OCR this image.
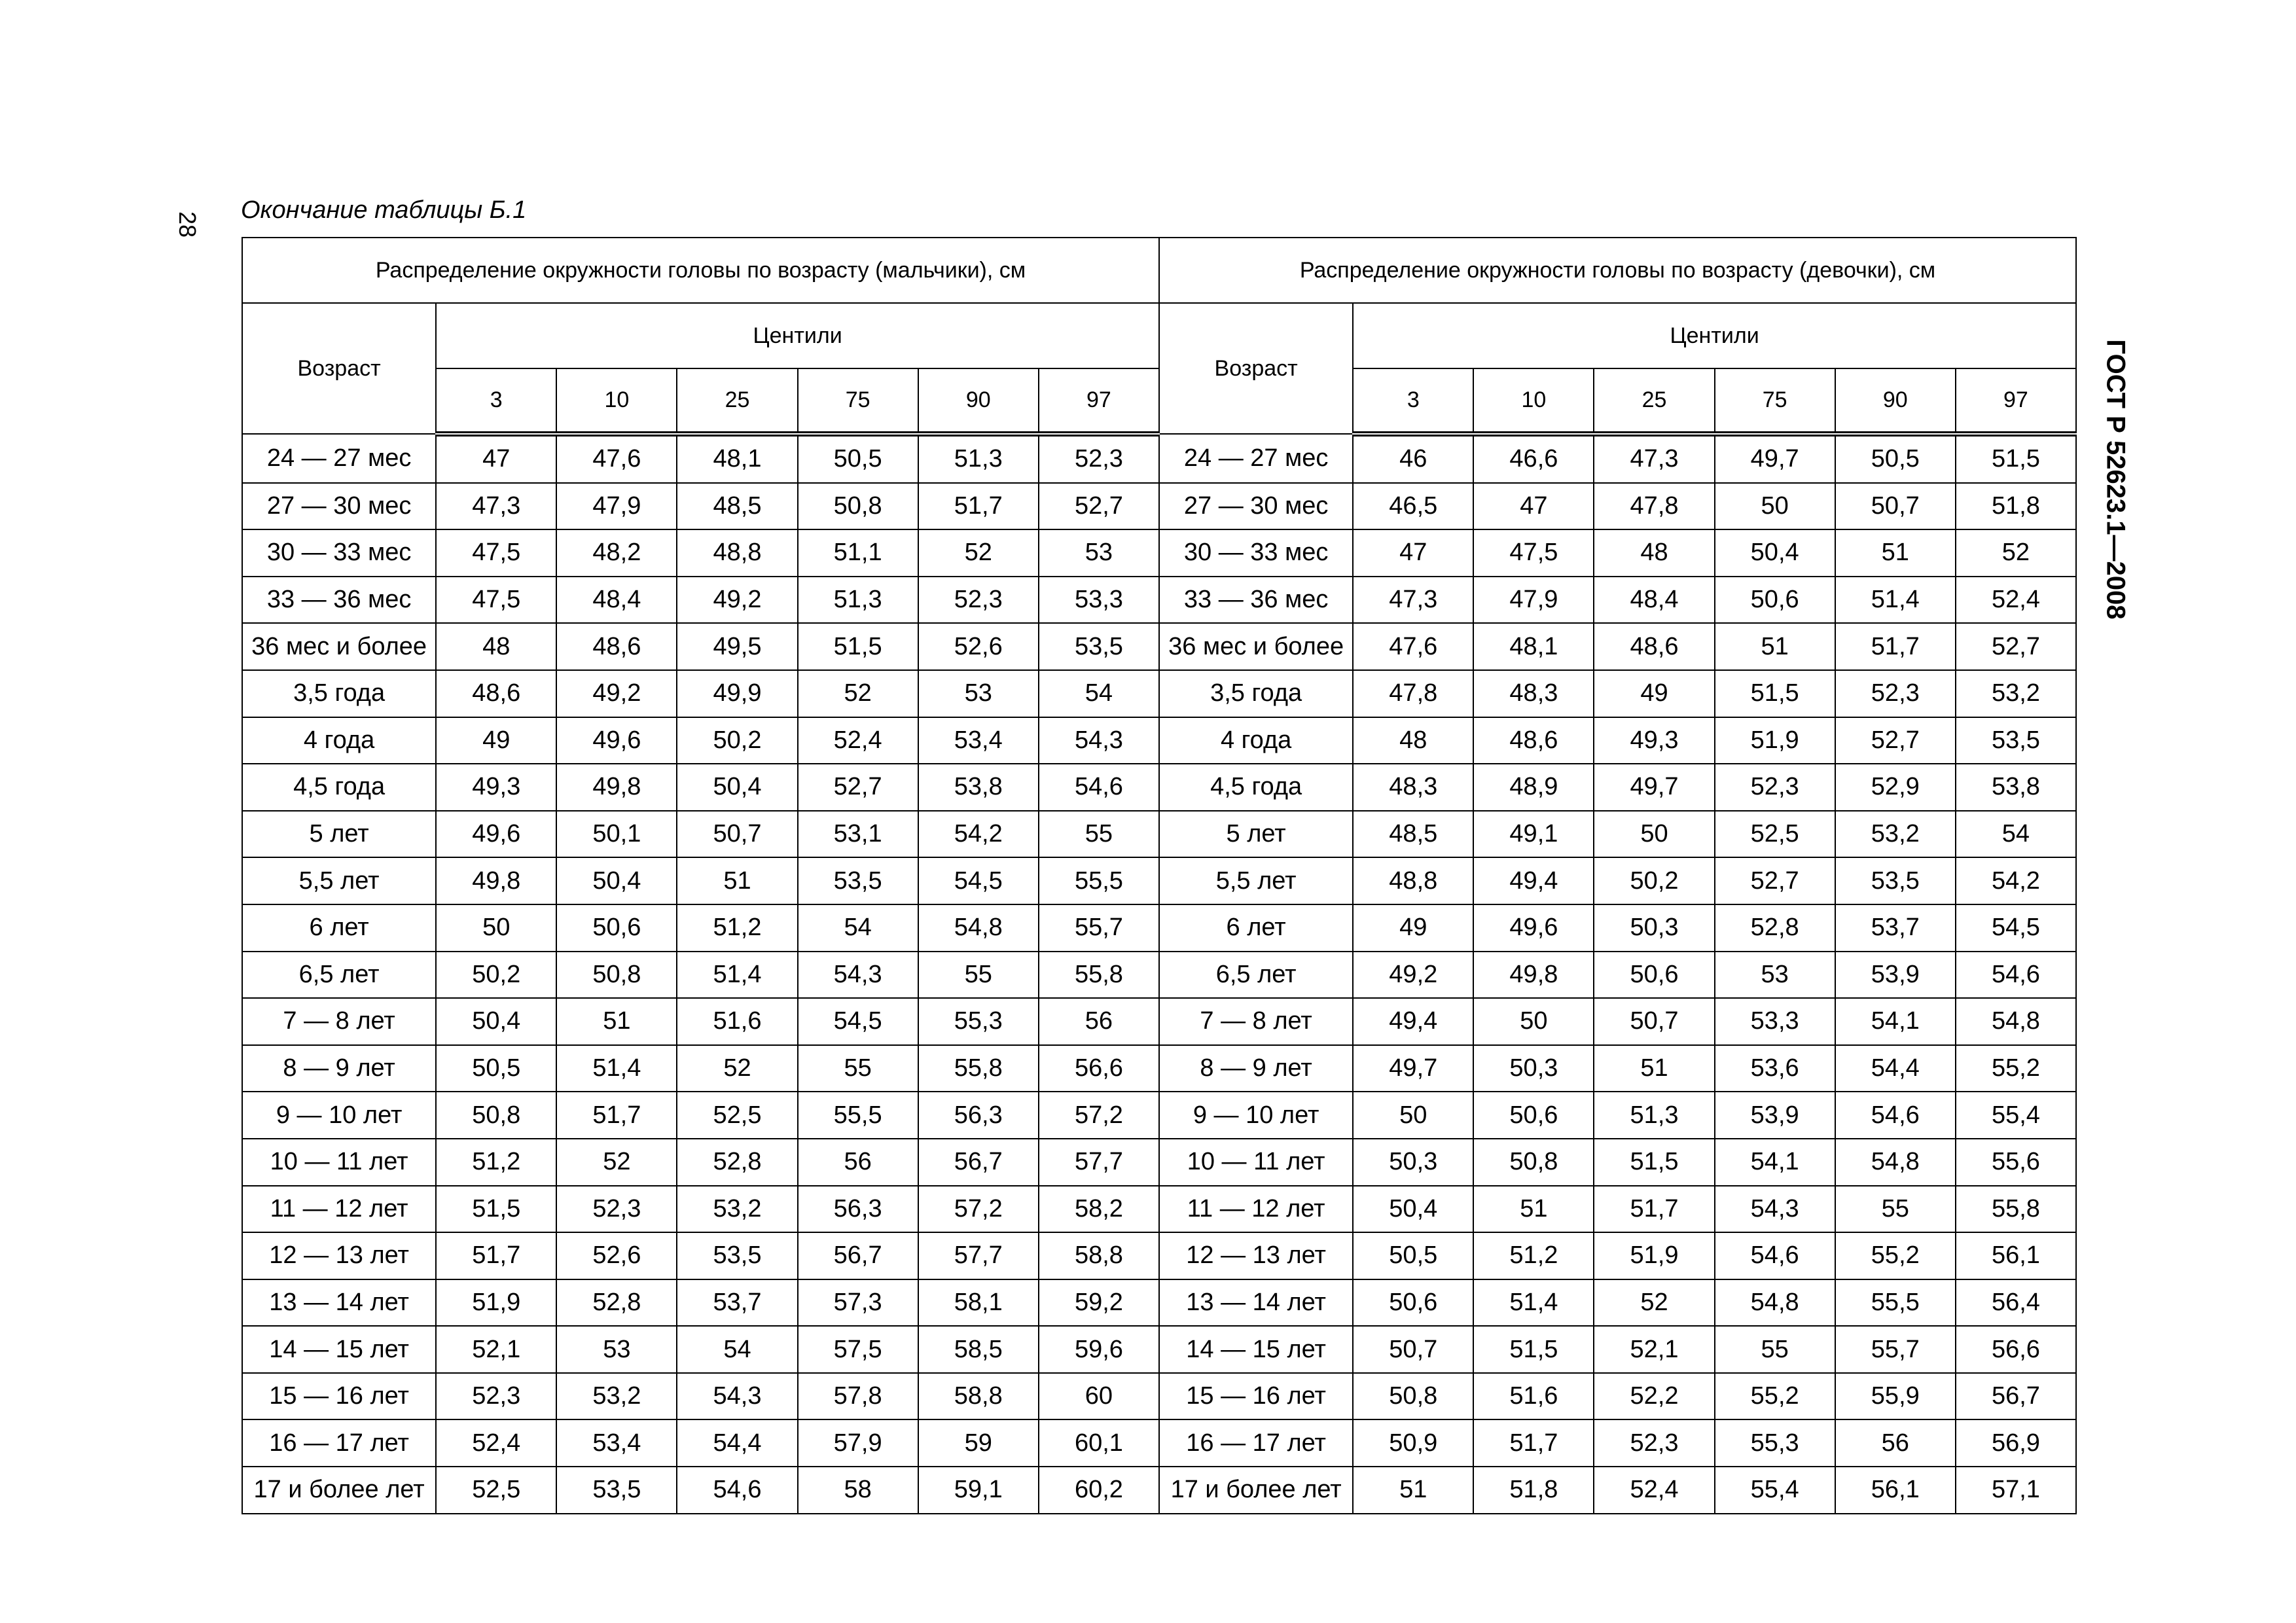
28
ГОСТ Р 52623.1—2008
Окончание таблицы Б.1
Распределение окружности головы по возрасту (мальчики), см							Распределение окружности головы по возрасту (девочки), см						
Возраст	Центили						Возраст	Центили					
	3	10	25	75	90	97		3	10	25	75	90	97
24 — 27 мес	47	47,6	48,1	50,5	51,3	52,3	24 — 27 мес	46	46,6	47,3	49,7	50,5	51,5
27 — 30 мес	47,3	47,9	48,5	50,8	51,7	52,7	27 — 30 мес	46,5	47	47,8	50	50,7	51,8
30 — 33 мес	47,5	48,2	48,8	51,1	52	53	30 — 33 мес	47	47,5	48	50,4	51	52
33 — 36 мес	47,5	48,4	49,2	51,3	52,3	53,3	33 — 36 мес	47,3	47,9	48,4	50,6	51,4	52,4
36 мес и более	48	48,6	49,5	51,5	52,6	53,5	36 мес и более	47,6	48,1	48,6	51	51,7	52,7
3,5 года	48,6	49,2	49,9	52	53	54	3,5 года	47,8	48,3	49	51,5	52,3	53,2
4 года	49	49,6	50,2	52,4	53,4	54,3	4 года	48	48,6	49,3	51,9	52,7	53,5
4,5 года	49,3	49,8	50,4	52,7	53,8	54,6	4,5 года	48,3	48,9	49,7	52,3	52,9	53,8
5 лет	49,6	50,1	50,7	53,1	54,2	55	5 лет	48,5	49,1	50	52,5	53,2	54
5,5 лет	49,8	50,4	51	53,5	54,5	55,5	5,5 лет	48,8	49,4	50,2	52,7	53,5	54,2
6 лет	50	50,6	51,2	54	54,8	55,7	6 лет	49	49,6	50,3	52,8	53,7	54,5
6,5 лет	50,2	50,8	51,4	54,3	55	55,8	6,5 лет	49,2	49,8	50,6	53	53,9	54,6
7 — 8 лет	50,4	51	51,6	54,5	55,3	56	7 — 8 лет	49,4	50	50,7	53,3	54,1	54,8
8 — 9 лет	50,5	51,4	52	55	55,8	56,6	8 — 9 лет	49,7	50,3	51	53,6	54,4	55,2
9 — 10 лет	50,8	51,7	52,5	55,5	56,3	57,2	9 — 10 лет	50	50,6	51,3	53,9	54,6	55,4
10 — 11 лет	51,2	52	52,8	56	56,7	57,7	10 — 11 лет	50,3	50,8	51,5	54,1	54,8	55,6
11 — 12 лет	51,5	52,3	53,2	56,3	57,2	58,2	11 — 12 лет	50,4	51	51,7	54,3	55	55,8
12 — 13 лет	51,7	52,6	53,5	56,7	57,7	58,8	12 — 13 лет	50,5	51,2	51,9	54,6	55,2	56,1
13 — 14 лет	51,9	52,8	53,7	57,3	58,1	59,2	13 — 14 лет	50,6	51,4	52	54,8	55,5	56,4
14 — 15 лет	52,1	53	54	57,5	58,5	59,6	14 — 15 лет	50,7	51,5	52,1	55	55,7	56,6
15 — 16 лет	52,3	53,2	54,3	57,8	58,8	60	15 — 16 лет	50,8	51,6	52,2	55,2	55,9	56,7
16 — 17 лет	52,4	53,4	54,4	57,9	59	60,1	16 — 17 лет	50,9	51,7	52,3	55,3	56	56,9
17 и более лет	52,5	53,5	54,6	58	59,1	60,2	17 и более лет	51	51,8	52,4	55,4	56,1	57,1
